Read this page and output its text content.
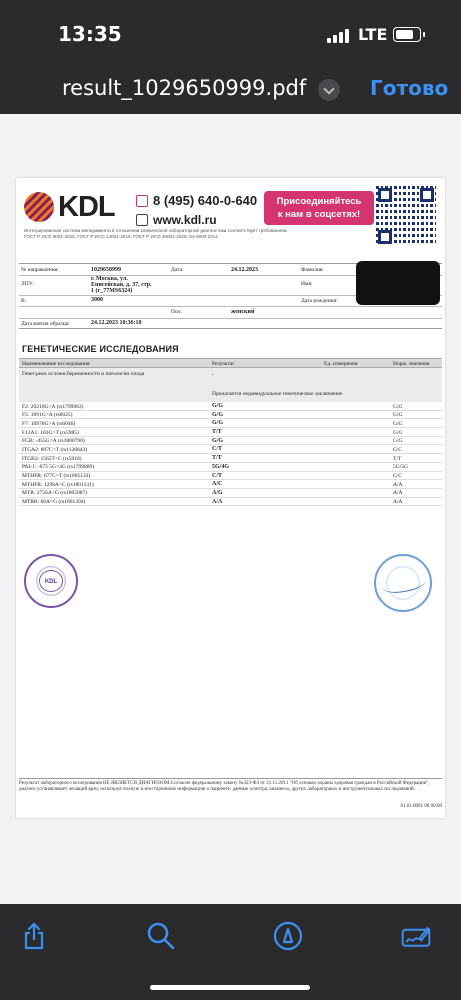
13:35	LTE
result_1029650999.pdf	Готово
KDL	8 (495) 640-0-640
www.kdl.ru
Присоединяйтесь
к нам в соцсетях!
Интегрированная система менеджмента в отношении клинической лабораторной диагностики соответствует требованиям
ГОСТ Р ИСО 9001-2015, ГОСТ Р ИСО 14001-2016, ГОСТ Р ИСО 45001-2020, SA 8000:2014
№ направления:	1029650999	Дата:	24.12.2023	Фамилия:
ЛПУ:
г. Москва, ул.
Енисейская, д. 37, стр.
1 (г_77MS6324)
Имя:
В:	3000	Дата рождения:
Пол:	женский
Дата взятия образца:	24.12.2023 10:36:10
ГЕНЕТИЧЕСКИЕ ИССЛЕДОВАНИЯ
Наименование исследования	Результат	Ед. измерения	Норм. значения
Генет.риск осложн.беременности и патологии плода	.
Прилагается индивидуальное генетическое заключение
F2: 20210G>A (rs1799963)	G/G	G/G
F5: 1691G>A (rs6025)	G/G	G/G
F7: 10976G>A (rs6046)	G/G	G/G
F13A1: 103G>T (rs5985)	T/T	G/G
FGB: -455G>A (rs1800790)	G/G	G/G
ITGA2: 807C>T (rs1126643)	C/T	C/C
ITGB3: 1565T>C (rs5918)	T/T	T/T
PAI-1: -675 5G>4G (rs1799889)	5G/4G	5G/5G
MTHFR: 677C>T (rs1801133)	C/T	C/C
MTHFR: 1298A>C (rs1801131)	A/C	A/A
MTR: 2756A>G (rs1805087)	A/G	A/A
MTRR: 66A>G (rs1801394)	A/A	A/A
KDL
Результат лабораторного исследования НЕ ЯВЛЯЕТСЯ ДИАГНОЗОМ.Согласно федеральному закону №323-ФЗ от 21.11.2011 "Об основах охраны здоровья граждан в Российской Федерации", диагноз устанавливает лечащий врач, используя полную и всестороннюю информацию о пациенте: данные осмотра, анамнеза, других лабораторных и инструментальных исследований.
01.01.0001 00:00:00
